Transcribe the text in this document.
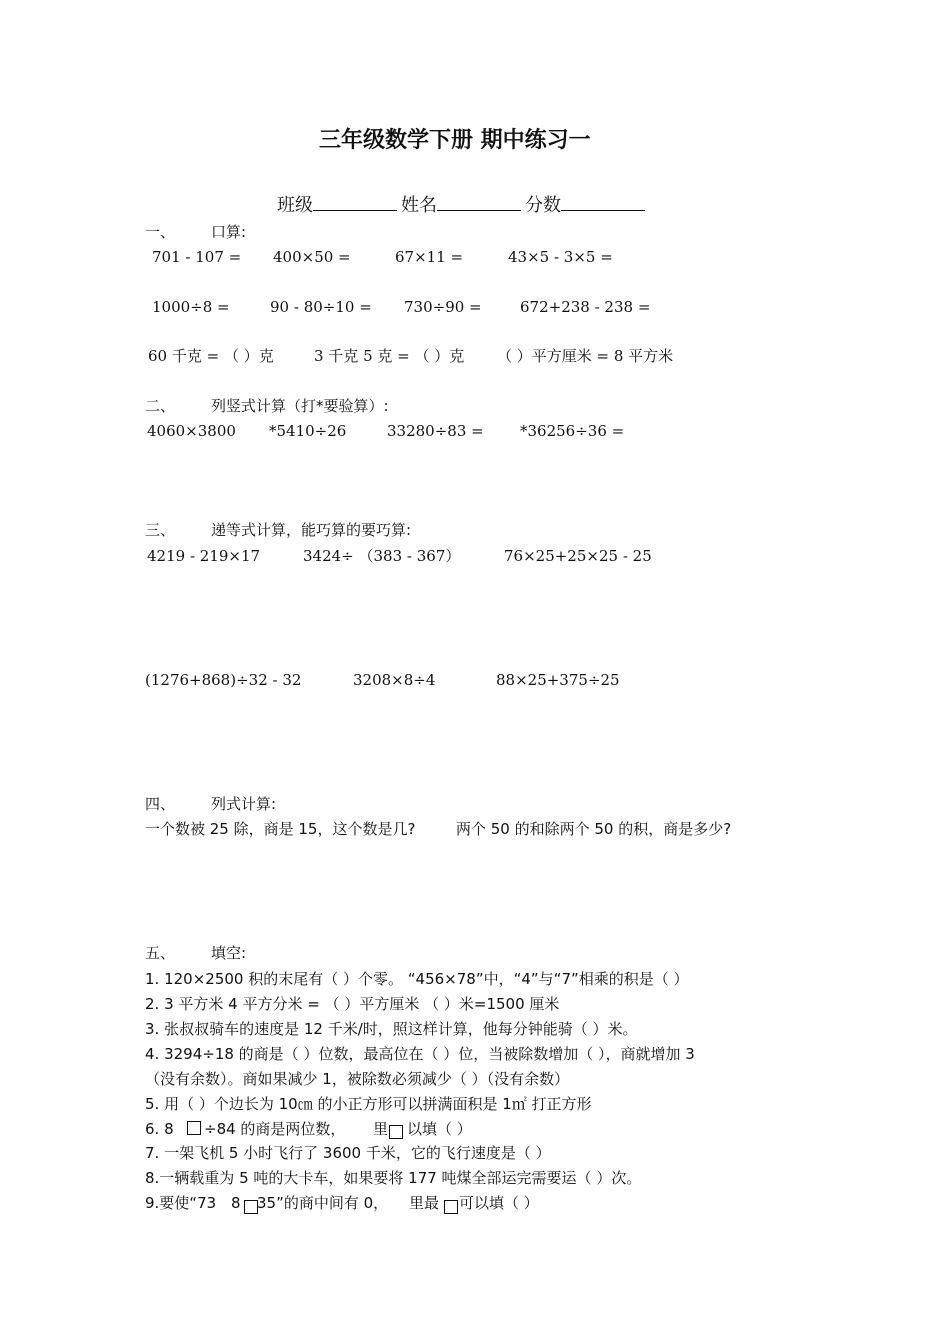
三年级数学下册 期中练习一
班级	姓名	分数
一、 口算:
701 - 107 = 400×50 =	67×11 =	43×5 - 3×5 =
1000÷8 =	90 - 80÷10 = 730÷90 =	672+238 - 238 =
60 千克 = （ ）克	3 千克 5 克 = （ ）克 （ ）平方厘米 = 8 平方米
二、 列竖式计算（打*要验算）:
4060×3800 *5410÷26	33280÷83 = *36256÷36 =
三、 递等式计算，能巧算的要巧算:
4219 - 219×17	3424÷ （383 - 367）	76×25+25×25 - 25
(1276+868)÷32 - 32	3208×8÷4	88×25+375÷25
四、 列式计算:
一个数被 25 除，商是 15，这个数是几?	两个 50 的和除两个 50 的积，商是多少?
五、 填空:
1. 120×2500 积的末尾有（ ）个零。 “456×78”中，“4”与“7”相乘的积是（ ）
2. 3 平方米 4 平方分米 = （ ）平方厘米 （ ）米=1500 厘米
3. 张叔叔骑车的速度是 12 千米/时，照这样计算，他每分钟能骑（ ）米。
4. 3294÷18 的商是（ ）位数，最高位在（ ）位，当被除数增加（ ），商就增加 3
（没有余数）。商如果减少 1，被除数必须减少（ ）（没有余数）
5. 用（ ）个边长为 10㎝ 的小正方形可以拼满面积是 1㎡ 打正方形
6. 8 ÷84 的商是两位数， 里 以填（ ）
7. 一架飞机 5 小时飞行了 3600 千米，它的飞行速度是（ ）
8.一辆载重为 5 吨的大卡车，如果要将 177 吨煤全部运完需要运（ ）次。
9.要使“73 8 35”的商中间有 0， 里最 可以填（ ）
